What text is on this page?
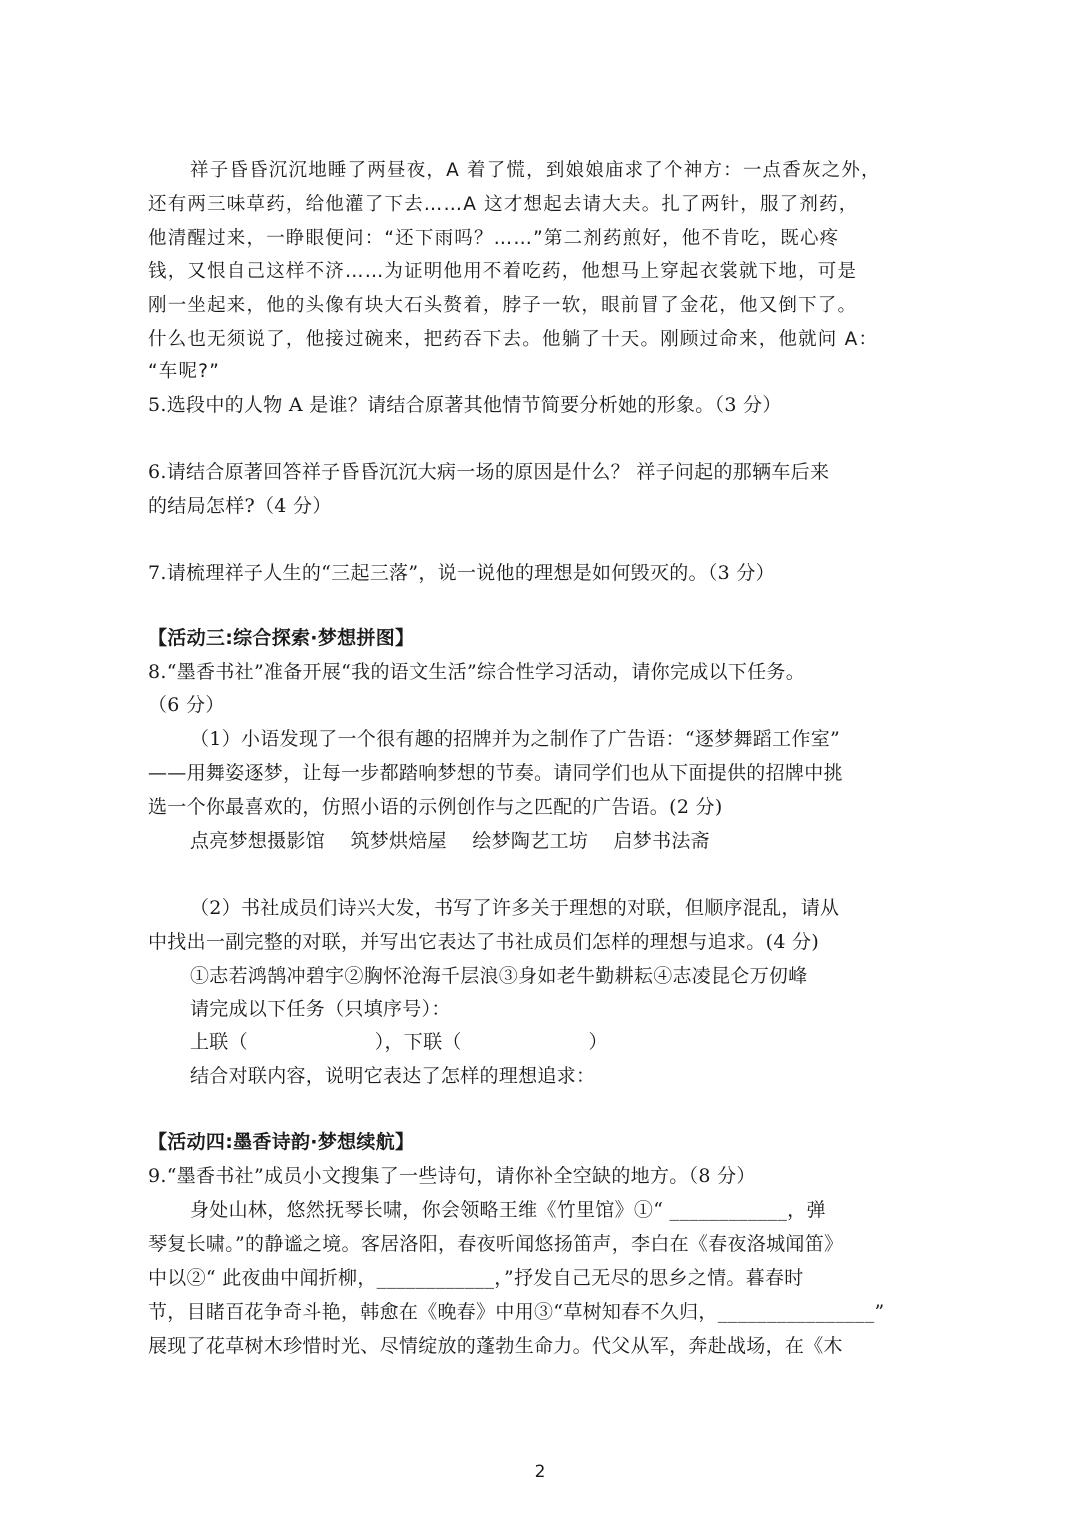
祥子昏昏沉沉地睡了两昼夜，A 着了慌，到娘娘庙求了个神方：一点香灰之外，
还有两三味草药，给他灌了下去……A 这才想起去请大夫。扎了两针，服了剂药，
他清醒过来，一睁眼便问：“还下雨吗？……”第二剂药煎好，他不肯吃，既心疼
钱，又恨自己这样不济……为证明他用不着吃药，他想马上穿起衣裳就下地，可是
刚一坐起来，他的头像有块大石头赘着，脖子一软，眼前冒了金花，他又倒下了。
什么也无须说了，他接过碗来，把药吞下去。他躺了十天。刚顾过命来，他就问 A：
“车呢?”
5.选段中的人物 A 是谁？请结合原著其他情节简要分析她的形象。（3 分）
6.请结合原著回答祥子昏昏沉沉大病一场的原因是什么？ 祥子问起的那辆车后来
的结局怎样?（4 分）
7.请梳理祥子人生的“三起三落”，说一说他的理想是如何毁灭的。（3 分）
【活动三:综合探索·梦想拼图】
8.“墨香书社”准备开展“我的语文生活”综合性学习活动，请你完成以下任务。
（6 分）
（1）小语发现了一个很有趣的招牌并为之制作了广告语：“逐梦舞蹈工作室”
——用舞姿逐梦，让每一步都踏响梦想的节奏。请同学们也从下面提供的招牌中挑
选一个你最喜欢的，仿照小语的示例创作与之匹配的广告语。(2 分)
点亮梦想摄影馆    筑梦烘焙屋    绘梦陶艺工坊    启梦书法斋
（2）书社成员们诗兴大发，书写了许多关于理想的对联，但顺序混乱，请从
中找出一副完整的对联，并写出它表达了书社成员们怎样的理想与追求。(4 分)
①志若鸿鹄冲碧宇②胸怀沧海千层浪③身如老牛勤耕耘④志凌昆仑万仞峰
请完成以下任务（只填序号）：
上联（                    ），下联（                    ）
结合对联内容，说明它表达了怎样的理想追求：
【活动四:墨香诗韵·梦想续航】
9.“墨香书社”成员小文搜集了一些诗句，请你补全空缺的地方。（8 分）
身处山林，悠然抚琴长啸，你会领略王维《竹里馆》①“ ____________，弹
琴复长啸。”的静谧之境。客居洛阳，春夜听闻悠扬笛声，李白在《春夜洛城闻笛》
中以②“ 此夜曲中闻折柳，____________，”抒发自己无尽的思乡之情。暮春时
节，目睹百花争奇斗艳，韩愈在《晚春》中用③“草树知春不久归，________________”
展现了花草树木珍惜时光、尽情绽放的蓬勃生命力。代父从军，奔赴战场，在《木
2
